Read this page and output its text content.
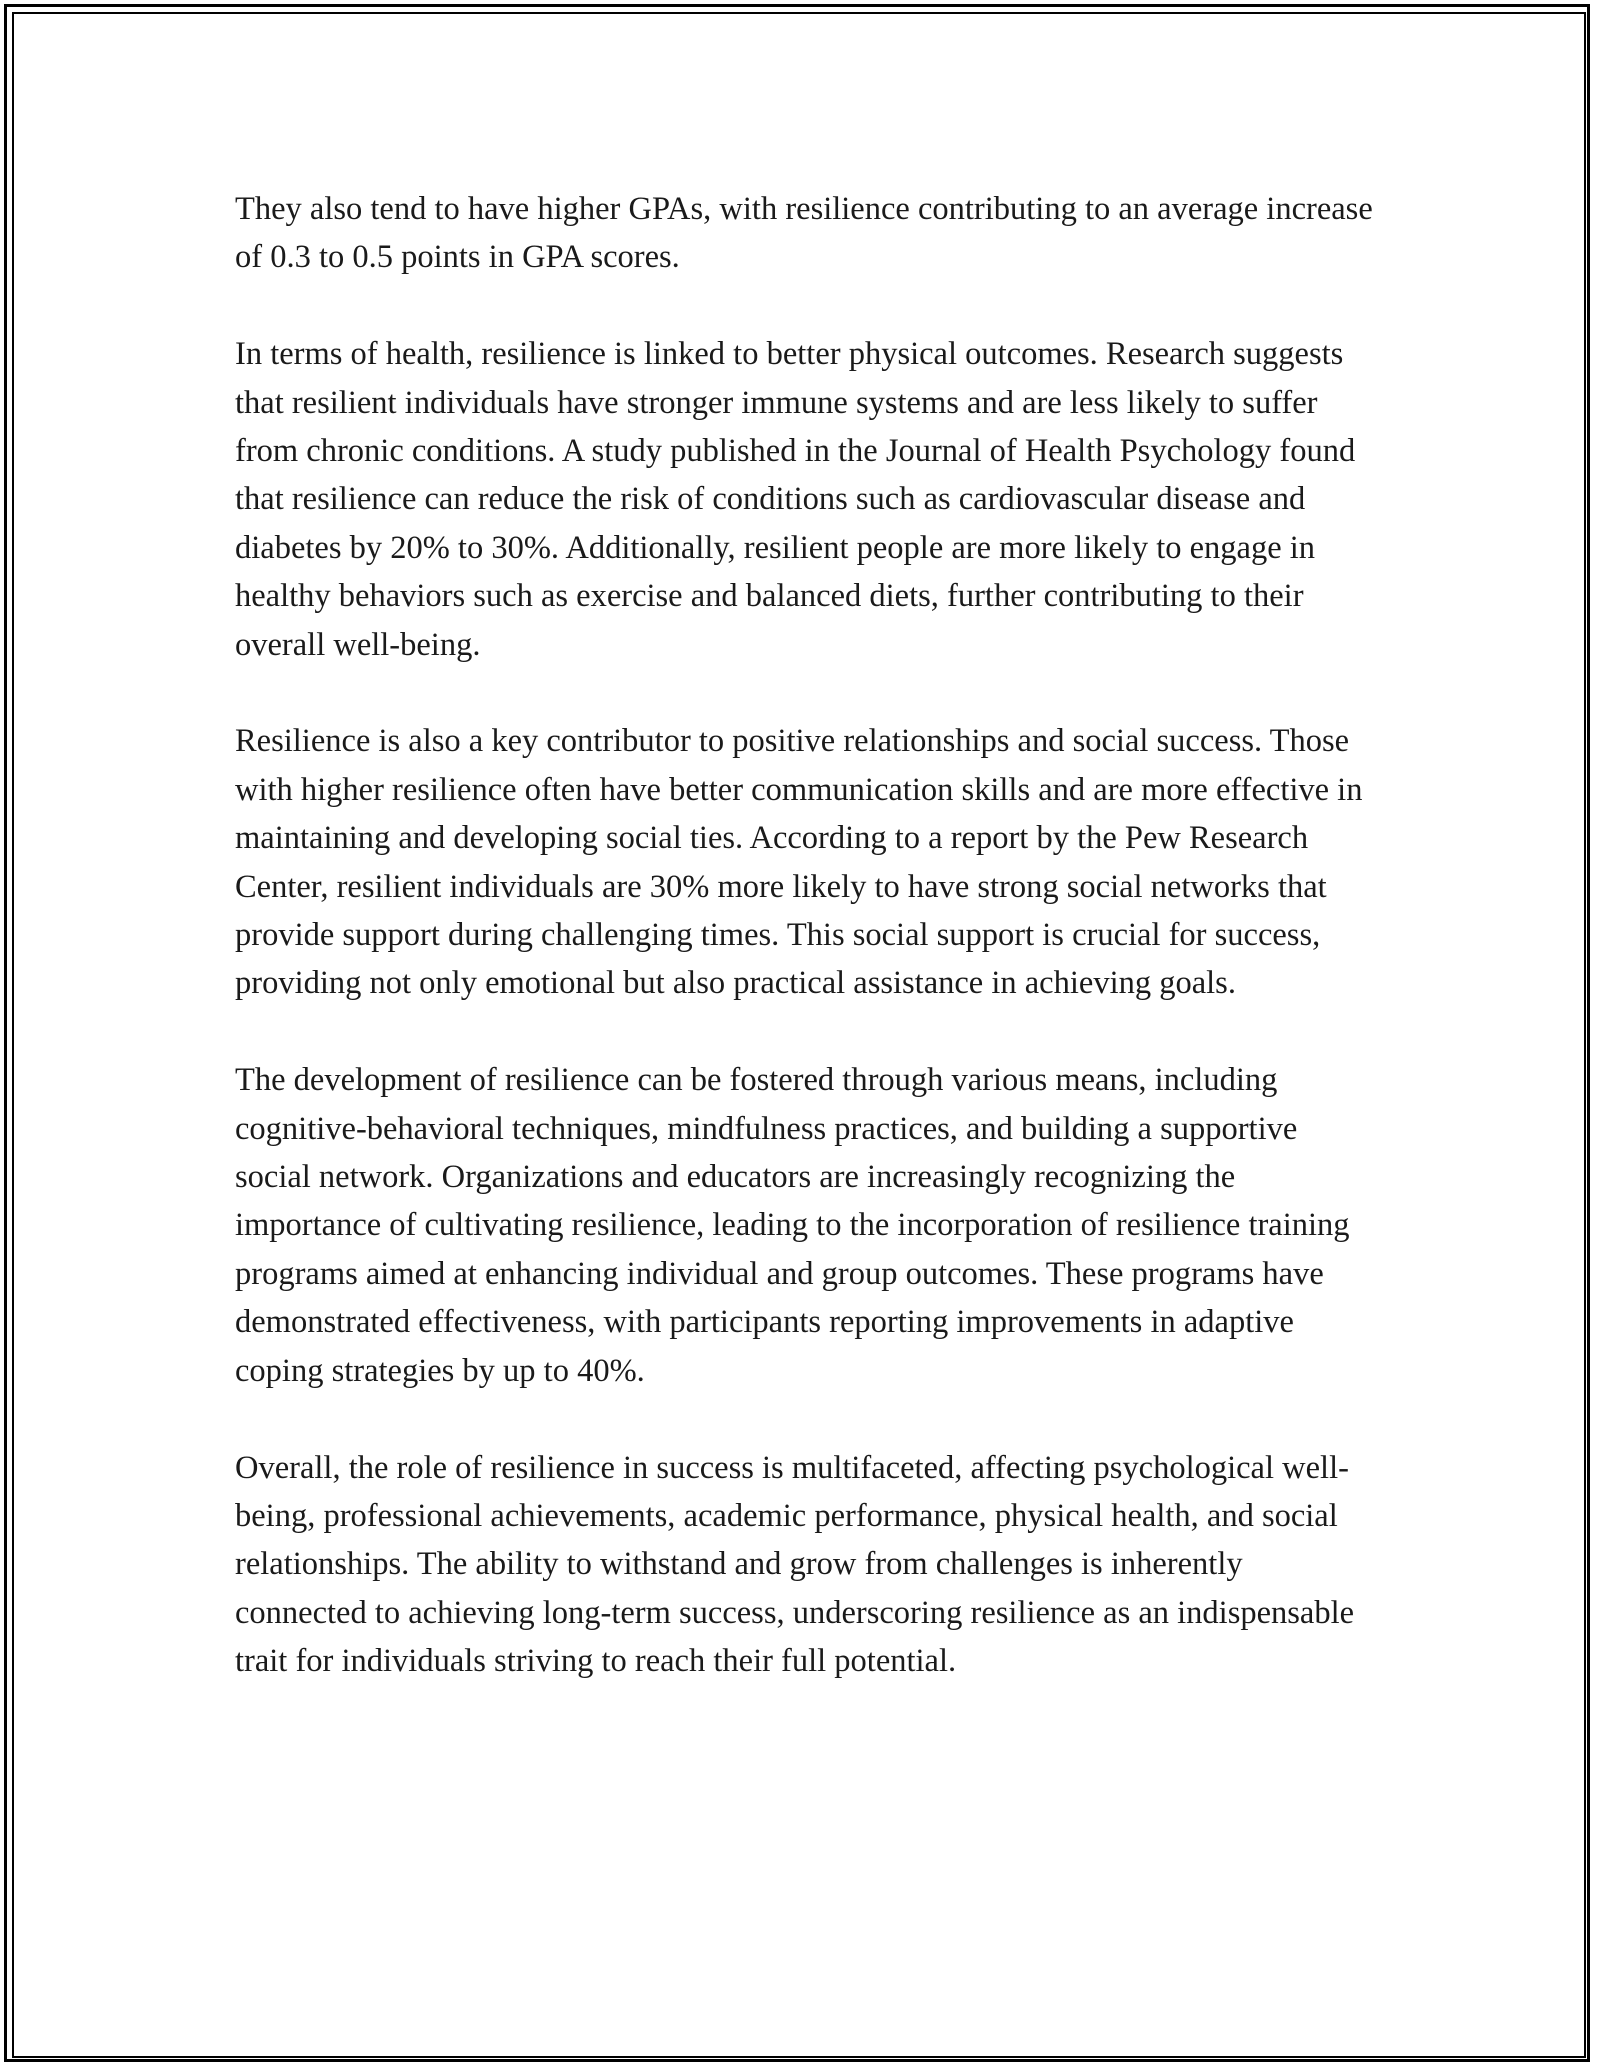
They also tend to have higher GPAs, with resilience contributing to an average increase of 0.3 to 0.5 points in GPA scores.

In terms of health, resilience is linked to better physical outcomes. Research suggests that resilient individuals have stronger immune systems and are less likely to suffer from chronic conditions. A study published in the Journal of Health Psychology found that resilience can reduce the risk of conditions such as cardiovascular disease and diabetes by 20% to 30%. Additionally, resilient people are more likely to engage in healthy behaviors such as exercise and balanced diets, further contributing to their overall well-being.

Resilience is also a key contributor to positive relationships and social success. Those with higher resilience often have better communication skills and are more effective in maintaining and developing social ties. According to a report by the Pew Research Center, resilient individuals are 30% more likely to have strong social networks that provide support during challenging times. This social support is crucial for success, providing not only emotional but also practical assistance in achieving goals.

The development of resilience can be fostered through various means, including cognitive-behavioral techniques, mindfulness practices, and building a supportive social network. Organizations and educators are increasingly recognizing the importance of cultivating resilience, leading to the incorporation of resilience training programs aimed at enhancing individual and group outcomes. These programs have demonstrated effectiveness, with participants reporting improvements in adaptive coping strategies by up to 40%.

Overall, the role of resilience in success is multifaceted, affecting psychological well-being, professional achievements, academic performance, physical health, and social relationships. The ability to withstand and grow from challenges is inherently connected to achieving long-term success, underscoring resilience as an indispensable trait for individuals striving to reach their full potential.
